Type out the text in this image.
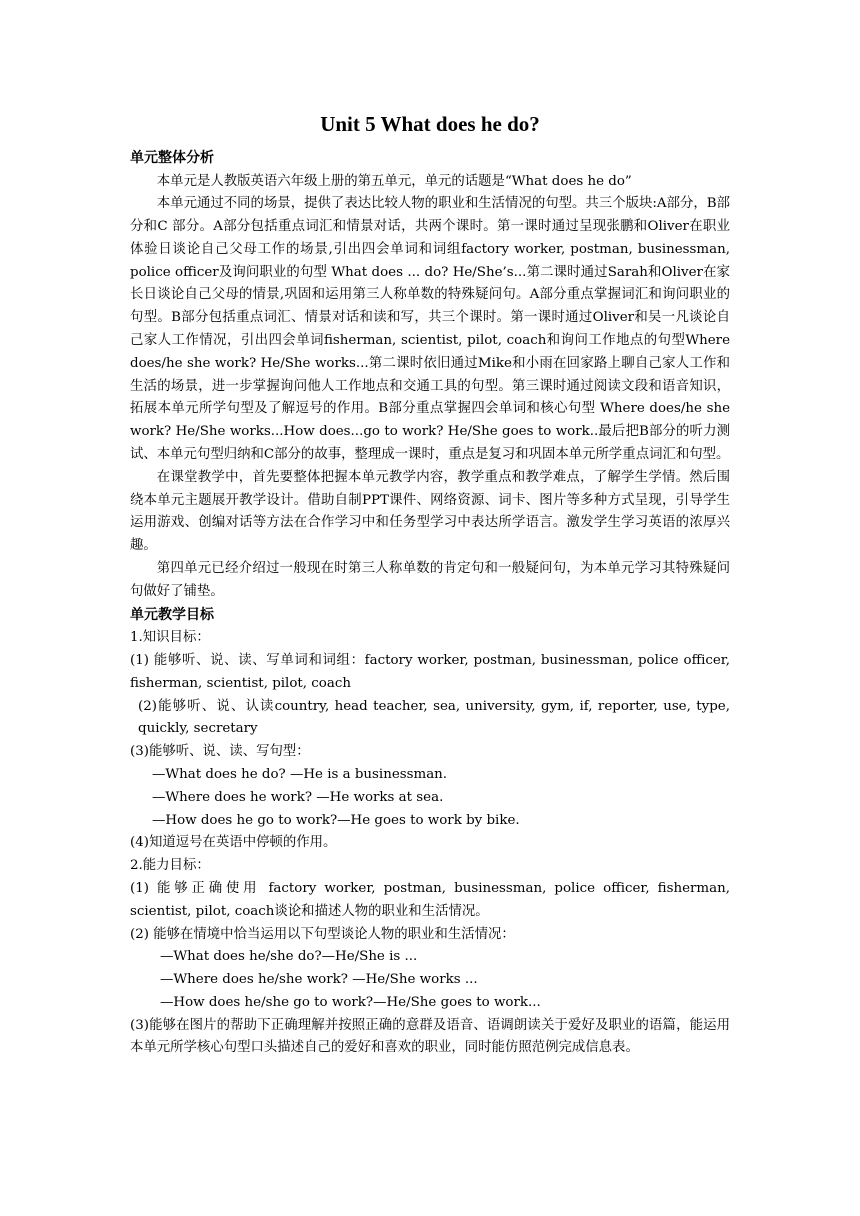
Unit 5 What does he do?

单元整体分析

本单元是人教版英语六年级上册的第五单元，单元的话题是“What does he do”

本单元通过不同的场景，提供了表达比较人物的职业和生活情况的句型。共三个版块:A部分，B部分和C 部分。A部分包括重点词汇和情景对话，共两个课时。第一课时通过呈现张鹏和Oliver在职业体验日谈论自己父母工作的场景,引出四会单词和词组factory worker, postman, businessman, police officer及询问职业的句型 What does ... do? He/She’s...第二课时通过Sarah和Oliver在家长日谈论自己父母的情景,巩固和运用第三人称单数的特殊疑问句。A部分重点掌握词汇和询问职业的句型。B部分包括重点词汇、情景对话和读和写，共三个课时。第一课时通过Oliver和吴一凡谈论自己家人工作情况，引出四会单词fisherman, scientist, pilot, coach和询问工作地点的句型Where does/he she work? He/She works...第二课时依旧通过Mike和小雨在回家路上聊自己家人工作和生活的场景，进一步掌握询问他人工作地点和交通工具的句型。第三课时通过阅读文段和语音知识，拓展本单元所学句型及了解逗号的作用。B部分重点掌握四会单词和核心句型 Where does/he she work? He/She works...How does...go to work? He/She goes to work..最后把B部分的听力测试、本单元句型归纳和C部分的故事，整理成一课时，重点是复习和巩固本单元所学重点词汇和句型。

在课堂教学中，首先要整体把握本单元教学内容，教学重点和教学难点，了解学生学情。然后围绕本单元主题展开教学设计。借助自制PPT课件、网络资源、词卡、图片等多种方式呈现，引导学生运用游戏、创编对话等方法在合作学习中和任务型学习中表达所学语言。激发学生学习英语的浓厚兴趣。

第四单元已经介绍过一般现在时第三人称单数的肯定句和一般疑问句，为本单元学习其特殊疑问句做好了铺垫。

单元教学目标

1.知识目标：

(1) 能够听、说、读、写单词和词组：factory worker, postman, businessman, police officer, fisherman, scientist, pilot, coach

(2)能够听、说、认读country, head teacher, sea, university, gym, if, reporter, use, type, quickly, secretary

(3)能够听、说、读、写句型：

—What does he do? —He is a businessman.

—Where does he work? —He works at sea.

—How does he go to work?—He goes to work by bike.

(4)知道逗号在英语中停顿的作用。

2.能力目标：

(1) 能够正确使用 factory worker, postman, businessman, police officer, fisherman, scientist, pilot, coach谈论和描述人物的职业和生活情况。

(2) 能够在情境中恰当运用以下句型谈论人物的职业和生活情况：

—What does he/she do?—He/She is ...

—Where does he/she work? —He/She works ...

—How does he/she go to work?—He/She goes to work...

(3)能够在图片的帮助下正确理解并按照正确的意群及语音、语调朗读关于爱好及职业的语篇，能运用本单元所学核心句型口头描述自己的爱好和喜欢的职业，同时能仿照范例完成信息表。
